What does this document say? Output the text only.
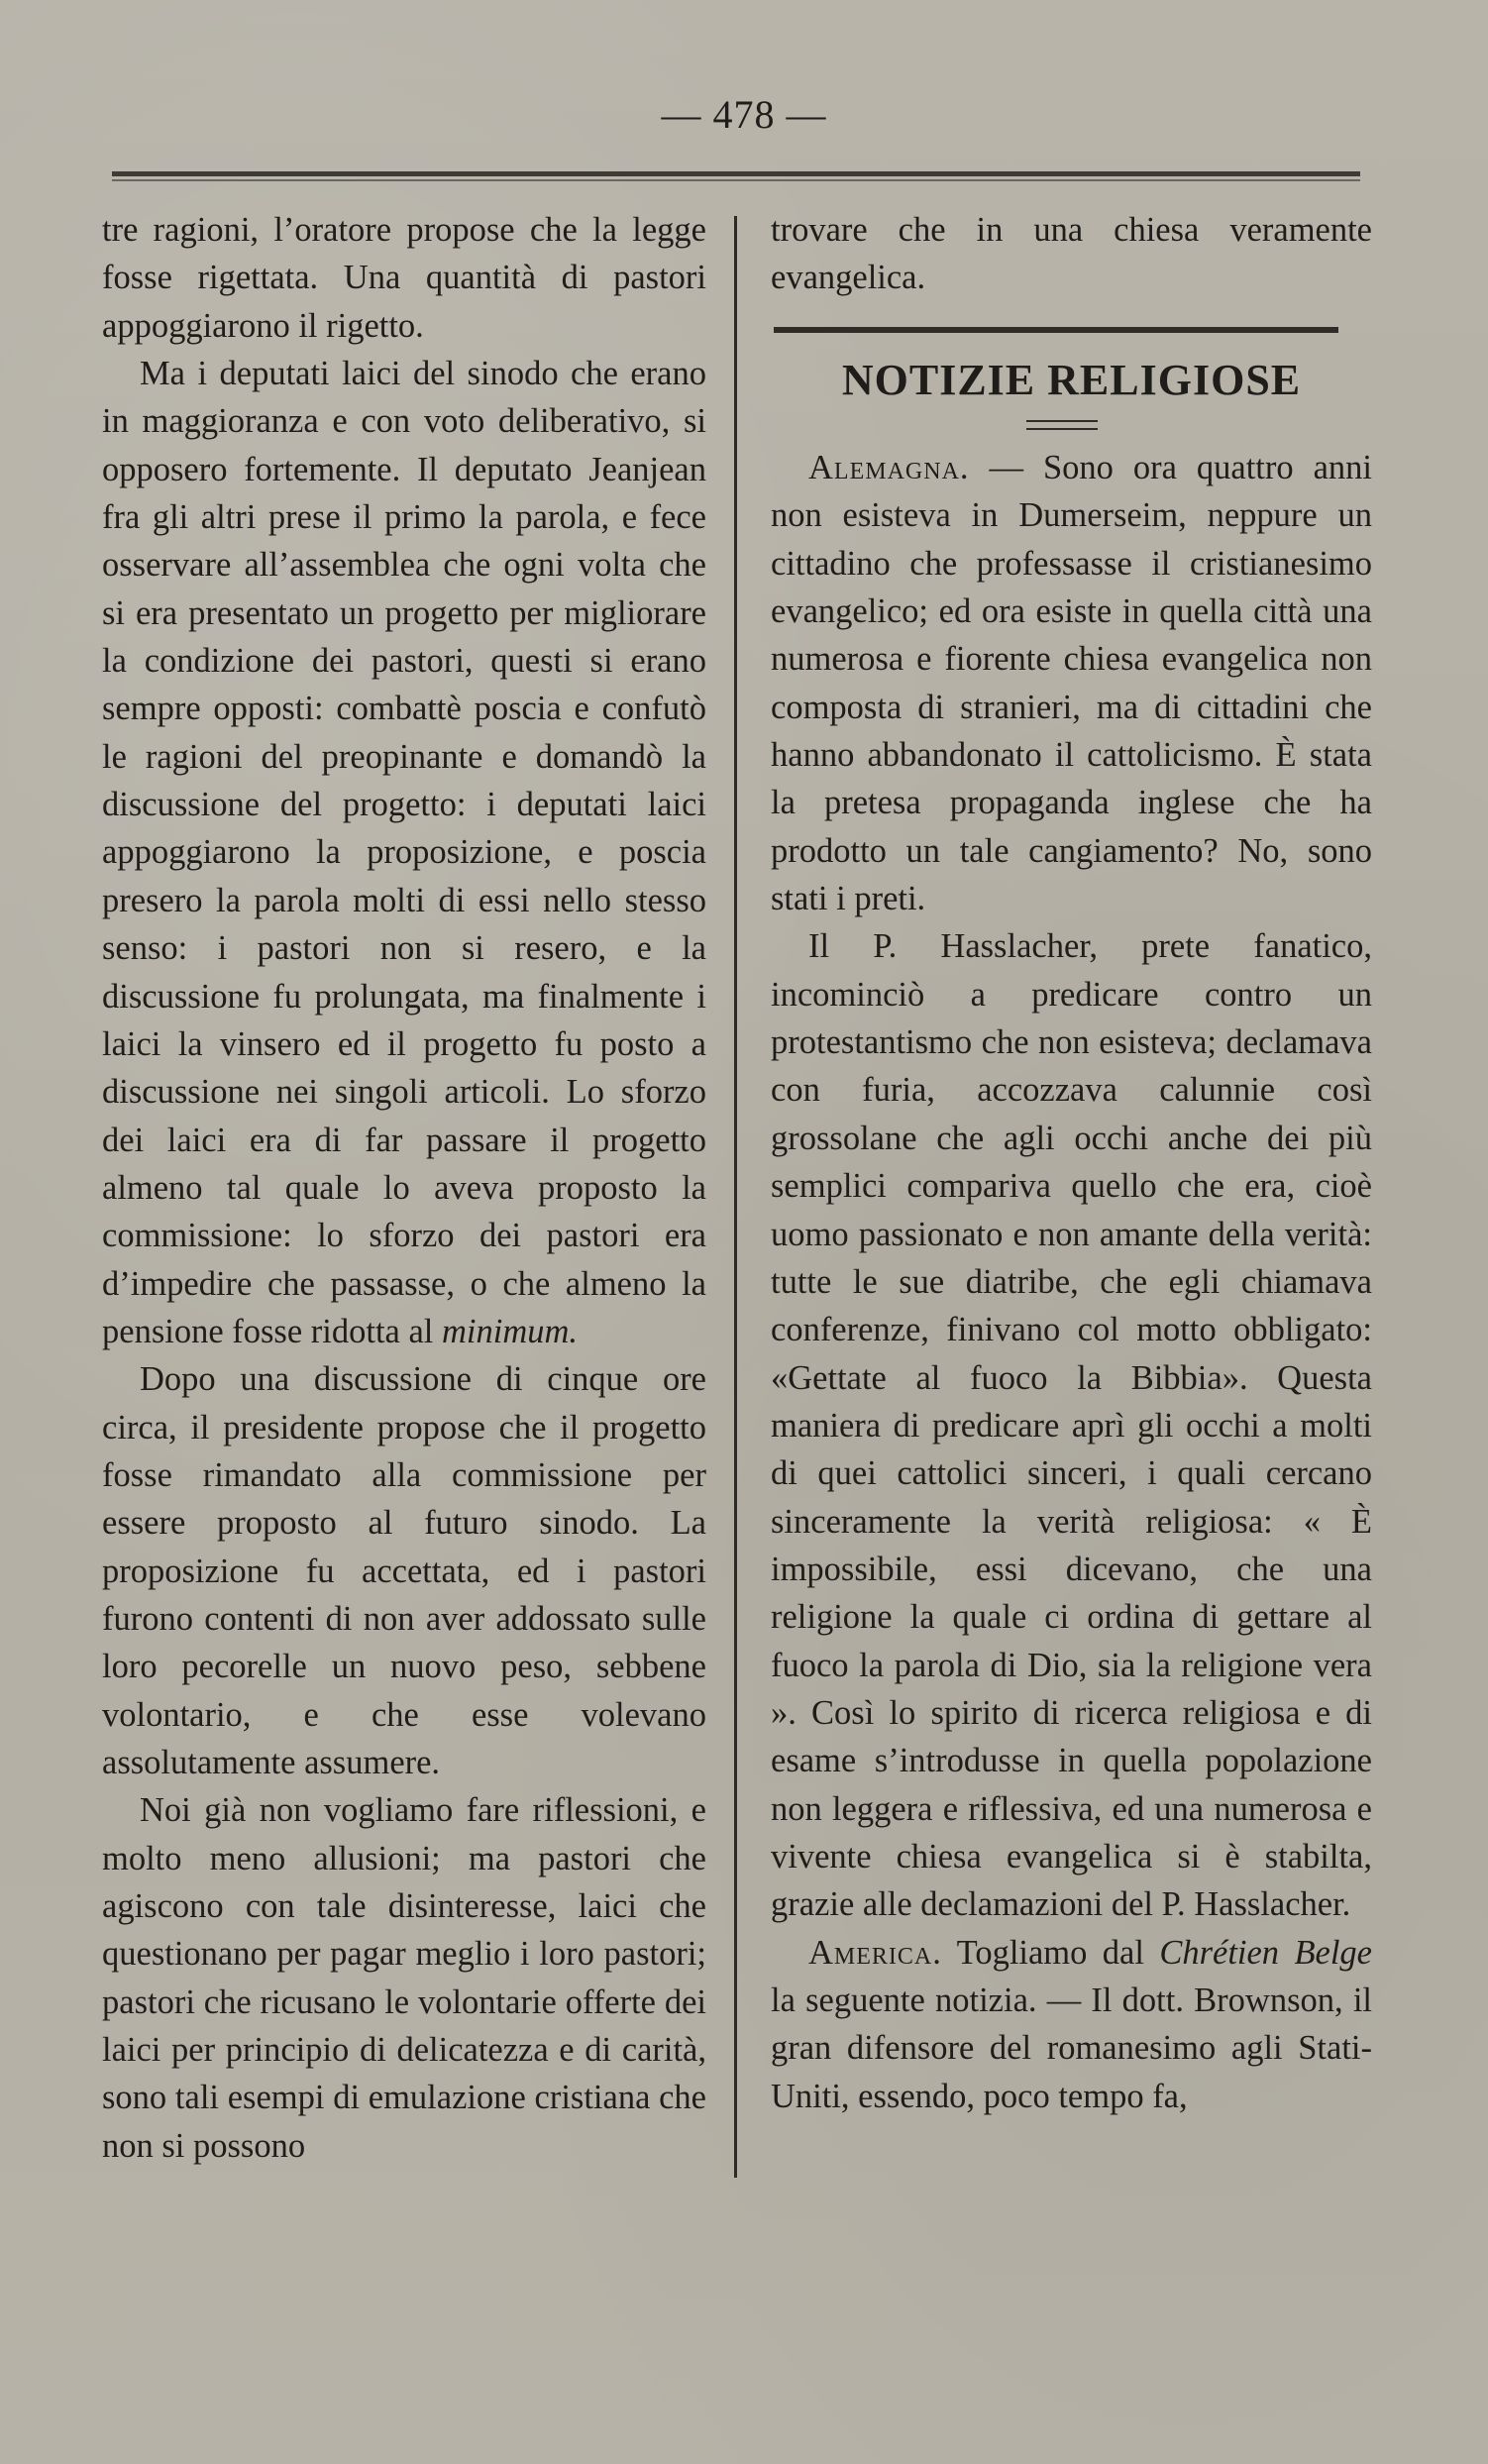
— 478 —

tre ragioni, l’oratore propose che la legge fosse rigettata. Una quantità di pastori appoggiarono il rigetto.

Ma i deputati laici del sinodo che erano in maggioranza e con voto deliberativo, si opposero fortemente. Il deputato Jeanjean fra gli altri prese il primo la parola, e fece osservare all’assemblea che ogni volta che si era presentato un progetto per migliorare la condizione dei pastori, questi si erano sempre opposti: combattè poscia e confutò le ragioni del preopinante e domandò la discussione del progetto: i deputati laici appoggiarono la proposizione, e poscia presero la parola molti di essi nello stesso senso: i pastori non si resero, e la discussione fu prolungata, ma finalmente i laici la vinsero ed il progetto fu posto a discussione nei singoli articoli. Lo sforzo dei laici era di far passare il progetto almeno tal quale lo aveva proposto la commissione: lo sforzo dei pastori era d’impedire che passasse, o che almeno la pensione fosse ridotta al minimum.

Dopo una discussione di cinque ore circa, il presidente propose che il progetto fosse rimandato alla commissione per essere proposto al futuro sinodo. La proposizione fu accettata, ed i pastori furono contenti di non aver addossato sulle loro pecorelle un nuovo peso, sebbene volontario, e che esse volevano assolutamente assumere.

Noi già non vogliamo fare riflessioni, e molto meno allusioni; ma pastori che agiscono con tale disinteresse, laici che questionano per pagar meglio i loro pastori; pastori che ricusano le volontarie offerte dei laici per principio di delicatezza e di carità, sono tali esempi di emulazione cristiana che non si possono

trovare che in una chiesa veramente evangelica.

NOTIZIE RELIGIOSE

Alemagna. — Sono ora quattro anni non esisteva in Dumerseim, neppure un cittadino che professasse il cristianesimo evangelico; ed ora esiste in quella città una numerosa e fiorente chiesa evangelica non composta di stranieri, ma di cittadini che hanno abbandonato il cattolicismo. È stata la pretesa propaganda inglese che ha prodotto un tale cangiamento? No, sono stati i preti.

Il P. Hasslacher, prete fanatico, incominciò a predicare contro un protestantismo che non esisteva; declamava con furia, accozzava calunnie così grossolane che agli occhi anche dei più semplici compariva quello che era, cioè uomo passionato e non amante della verità: tutte le sue diatribe, che egli chiamava conferenze, finivano col motto obbligato: «Gettate al fuoco la Bibbia». Questa maniera di predicare aprì gli occhi a molti di quei cattolici sinceri, i quali cercano sinceramente la verità religiosa: « È impossibile, essi dicevano, che una religione la quale ci ordina di gettare al fuoco la parola di Dio, sia la religione vera ». Così lo spirito di ricerca religiosa e di esame s’introdusse in quella popolazione non leggera e riflessiva, ed una numerosa e vivente chiesa evangelica si è stabilta, grazie alle declamazioni del P. Hasslacher.

America. Togliamo dal Chrétien Belge la seguente notizia. — Il dott. Brownson, il gran difensore del romanesimo agli Stati-Uniti, essendo, poco tempo fa,
